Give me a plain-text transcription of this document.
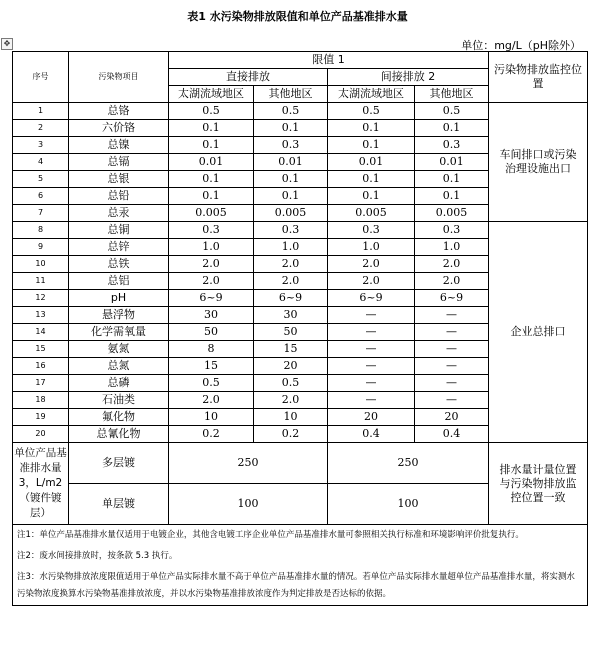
表1 水污染物排放限值和单位产品基准排水量
✥	单位：mg/L（pH除外）
序号	污染物项目	限值 1				污染物排放监控位置
		直接排放		间接排放 2		
		太湖流域地区	其他地区	太湖流域地区	其他地区	
1	总铬	0.5	0.5	0.5	0.5	车间排口或污染治理设施出口
2	六价铬	0.1	0.1	0.1	0.1	
3	总镍	0.1	0.3	0.1	0.3	
4	总镉	0.01	0.01	0.01	0.01	
5	总银	0.1	0.1	0.1	0.1	
6	总铅	0.1	0.1	0.1	0.1	
7	总汞	0.005	0.005	0.005	0.005	
8	总铜	0.3	0.3	0.3	0.3	企业总排口
9	总锌	1.0	1.0	1.0	1.0	
10	总铁	2.0	2.0	2.0	2.0	
11	总铝	2.0	2.0	2.0	2.0	
12	pH	6~9	6~9	6~9	6~9	
13	悬浮物	30	30	—	—	
14	化学需氧量	50	50	—	—	
15	氨氮	8	15	—	—	
16	总氮	15	20	—	—	
17	总磷	0.5	0.5	—	—	
18	石油类	2.0	2.0	—	—	
19	氟化物	10	10	20	20	
20	总氰化物	0.2	0.2	0.4	0.4	
单位产品基准排水量 3，L/m2（镀件镀层）	多层镀	250		250		排水量计量位置与污染物排放监控位置一致
	单层镀	100		100		
注1：单位产品基准排水量仅适用于电镀企业，其他含电镀工序企业单位产品基准排水量可参照相关执行标准和环境影响评价批复执行。						
注2：废水间接排放时，按条款 5.3 执行。						
注3：水污染物排放浓度限值适用于单位产品实际排水量不高于单位产品基准排水量的情况。若单位产品实际排水量超单位产品基准排水量，将实测水污染物浓度换算水污染物基准排放浓度，并以水污染物基准排放浓度作为判定排放是否达标的依据。						
